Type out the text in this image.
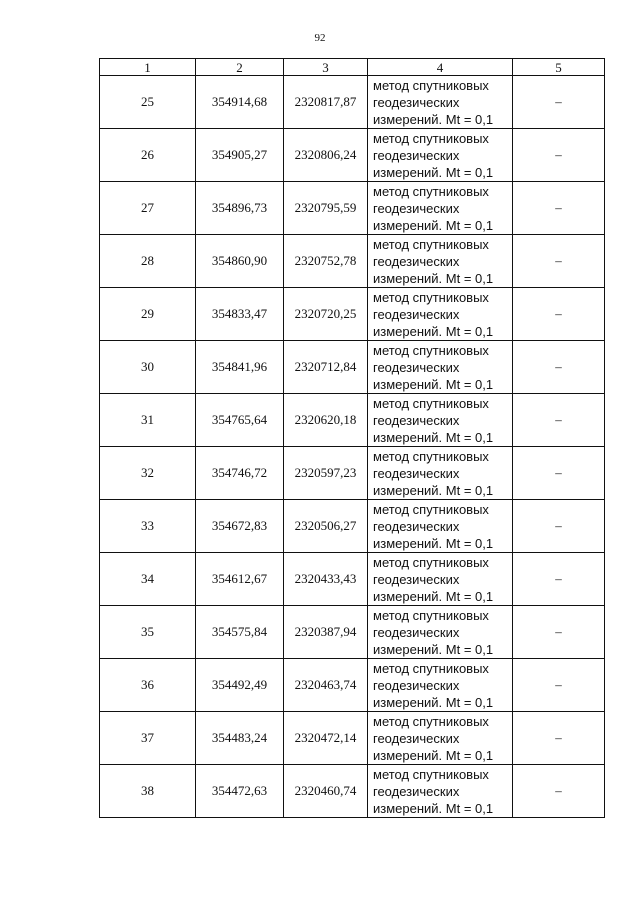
92
1	2	3	4	5
25	354914,68	2320817,87	метод спутниковых
геодезических
измерений. Mt = 0,1	–
26	354905,27	2320806,24	метод спутниковых
геодезических
измерений. Mt = 0,1	–
27	354896,73	2320795,59	метод спутниковых
геодезических
измерений. Mt = 0,1	–
28	354860,90	2320752,78	метод спутниковых
геодезических
измерений. Mt = 0,1	–
29	354833,47	2320720,25	метод спутниковых
геодезических
измерений. Mt = 0,1	–
30	354841,96	2320712,84	метод спутниковых
геодезических
измерений. Mt = 0,1	–
31	354765,64	2320620,18	метод спутниковых
геодезических
измерений. Mt = 0,1	–
32	354746,72	2320597,23	метод спутниковых
геодезических
измерений. Mt = 0,1	–
33	354672,83	2320506,27	метод спутниковых
геодезических
измерений. Mt = 0,1	–
34	354612,67	2320433,43	метод спутниковых
геодезических
измерений. Mt = 0,1	–
35	354575,84	2320387,94	метод спутниковых
геодезических
измерений. Mt = 0,1	–
36	354492,49	2320463,74	метод спутниковых
геодезических
измерений. Mt = 0,1	–
37	354483,24	2320472,14	метод спутниковых
геодезических
измерений. Mt = 0,1	–
38	354472,63	2320460,74	метод спутниковых
геодезических
измерений. Mt = 0,1	–
